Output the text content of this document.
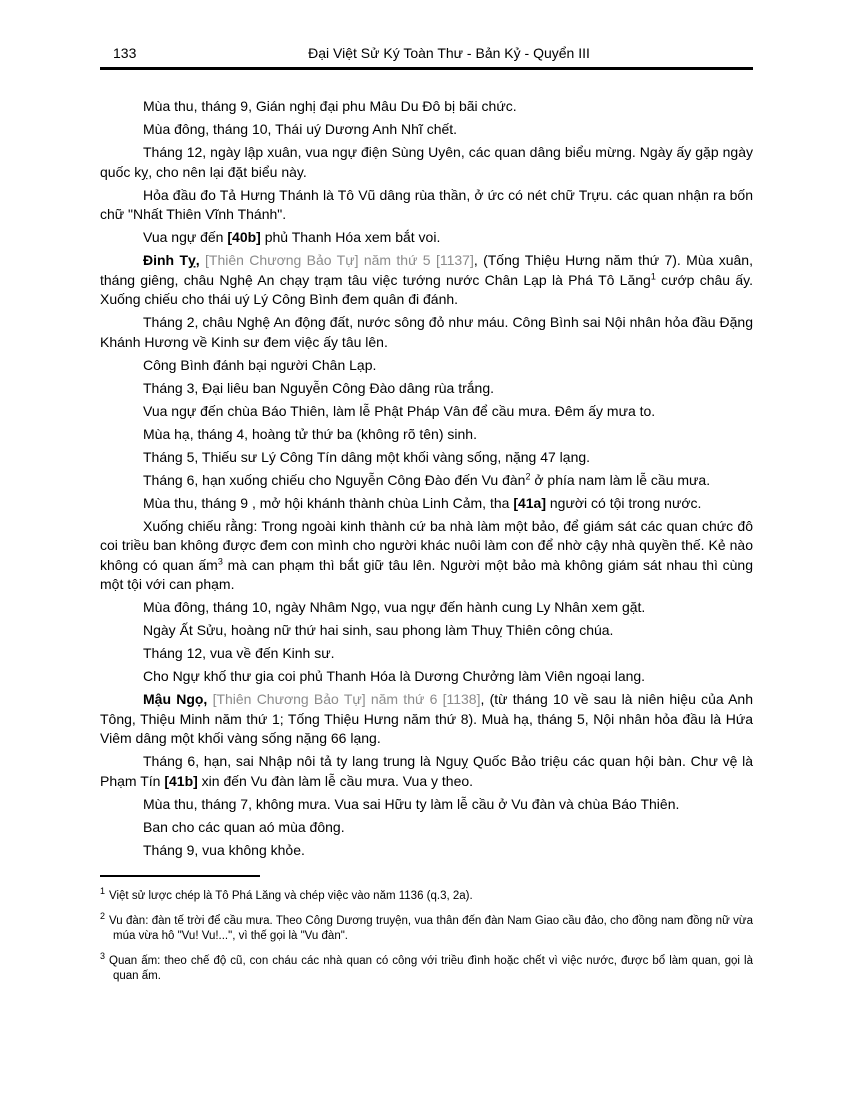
133	Đại Việt Sử Ký Toàn Thư - Bản Kỷ - Quyển III

Mùa thu, tháng 9, Gián nghị đại phu Mâu Du Đô bị bãi chức.

Mùa đông, tháng 10, Thái uý Dương Anh Nhĩ chết.

Tháng 12, ngày lập xuân, vua ngự điện Sùng Uyên, các quan dâng biểu mừng. Ngày ấy gặp ngày quốc kỵ, cho nên lại đặt biểu này.

Hỏa đầu đo Tả Hưng Thánh là Tô Vũ dâng rùa thần, ở ức có nét chữ Trựu. các quan nhận ra bốn chữ "Nhất Thiên Vĩnh Thánh".

Vua ngự đến [40b] phủ Thanh Hóa xem bắt voi.

Đinh Tỵ, [Thiên Chương Bảo Tự] năm thứ 5 [1137], (Tống Thiệu Hưng năm thứ 7). Mùa xuân, tháng giêng, châu Nghệ An chạy trạm tâu việc tướng nước Chân Lạp là Phá Tô Lăng$^1$ cướp châu ấy. Xuống chiếu cho thái uý Lý Công Bình đem quân đi đánh.

Tháng 2, châu Nghệ An động đất, nước sông đỏ như máu. Công Bình sai Nội nhân hỏa đầu Đặng Khánh Hương về Kinh sư đem việc ấy tâu lên.

Công Bình đánh bại người Chân Lạp.

Tháng 3, Đại liêu ban Nguyễn Công Đào dâng rùa trắng.

Vua ngự đến chùa Báo Thiên, làm lễ Phật Pháp Vân để cầu mưa. Đêm ấy mưa to.

Mùa hạ, tháng 4, hoàng tử thứ ba (không rõ tên) sinh.

Tháng 5, Thiếu sư Lý Công Tín dâng một khối vàng sống, nặng 47 lạng.

Tháng 6, hạn xuống chiếu cho Nguyễn Công Đào đến Vu đàn$^2$ ở phía nam làm lễ cầu mưa.

Mùa thu, tháng 9 , mở hội khánh thành chùa Linh Cảm, tha [41a] người có tội trong nước.

Xuống chiếu rằng: Trong ngoài kinh thành cứ ba nhà làm một bảo, để giám sát các quan chức đô coi triều ban không được đem con mình cho người khác nuôi làm con để nhờ cậy nhà quyền thế. Kẻ nào không có quan ấm$^3$ mà can phạm thì bắt giữ tâu lên. Người một bảo mà không giám sát nhau thì cùng một tội với can phạm.

Mùa đông, tháng 10, ngày Nhâm Ngọ, vua ngự đến hành cung Ly Nhân xem gặt.

Ngày Ất Sửu, hoàng nữ thứ hai sinh, sau phong làm Thuỵ Thiên công chúa.

Tháng 12, vua về đến Kinh sư.

Cho Ngự khố thư gia coi phủ Thanh Hóa là Dương Chưởng làm Viên ngoại lang.

Mậu Ngọ, [Thiên Chương Bảo Tự] năm thứ 6 [1138], (từ tháng 10 về sau là niên hiệu của Anh Tông, Thiệu Minh năm thứ 1; Tống Thiệu Hưng năm thứ 8). Muà hạ, tháng 5, Nội nhân hỏa đầu là Hứa Viêm dâng một khối vàng sống nặng 66 lạng.

Tháng 6, hạn, sai Nhập nôi tả ty lang trung là Nguỵ Quốc Bảo triệu các quan hội bàn. Chư vệ là Phạm Tín [41b] xin đến Vu đàn làm lễ cầu mưa. Vua y theo.

Mùa thu, tháng 7, không mưa. Vua sai Hữu ty làm lễ cầu ở Vu đàn và chùa Báo Thiên.

Ban cho các quan aó mùa đông.

Tháng 9, vua không khỏe.

$^1$ Việt sử lược chép là Tô Phá Lăng và chép việc vào năm 1136 (q.3, 2a).
$^2$ Vu đàn: đàn tế trời để cầu mưa. Theo Công Dương truyện, vua thân đến đàn Nam Giao cầu đảo, cho đồng nam đồng nữ vừa múa vừa hô "Vu! Vu!...", vì thế gọi là "Vu đàn".
$^3$ Quan ấm: theo chế độ cũ, con cháu các nhà quan có công với triều đình hoặc chết vì việc nước, được bổ làm quan, gọi là quan ấm.
